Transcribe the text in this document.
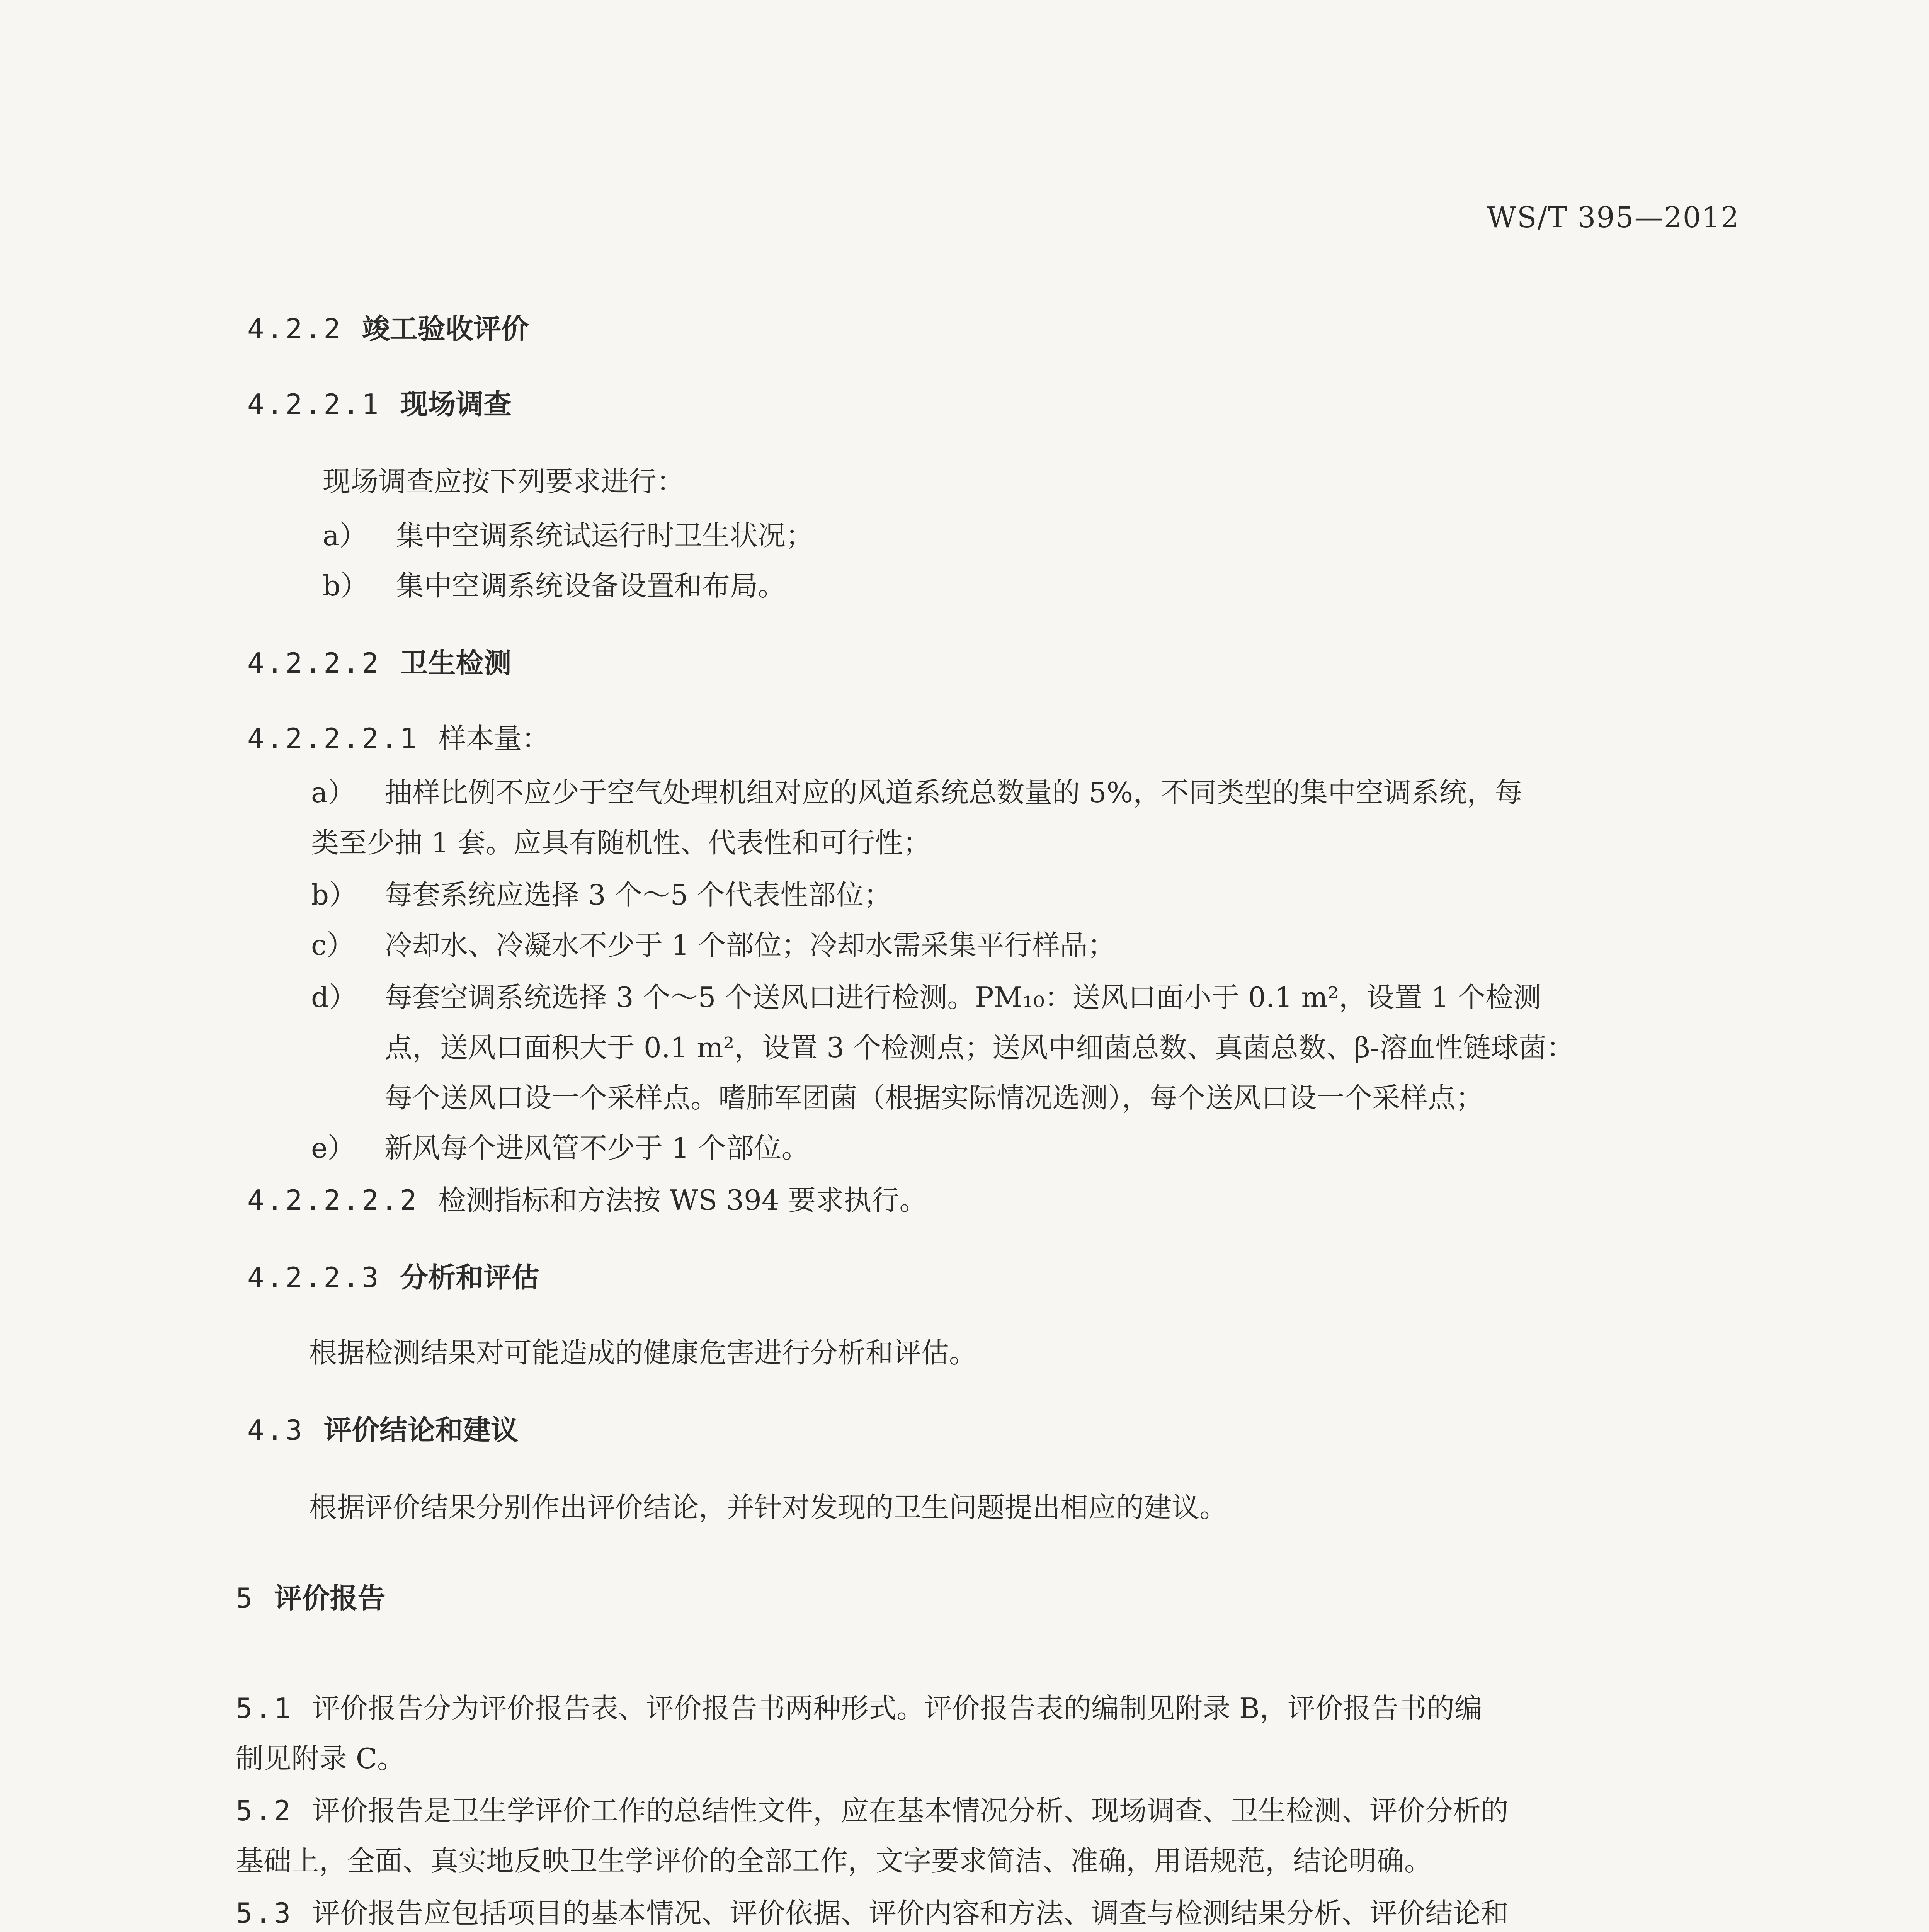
WS/T 395—2012
4.2.2 竣工验收评价
4.2.2.1 现场调查
现场调查应按下列要求进行：
a） 集中空调系统试运行时卫生状况；
b） 集中空调系统设备设置和布局。
4.2.2.2 卫生检测
4.2.2.2.1 样本量：
a） 抽样比例不应少于空气处理机组对应的风道系统总数量的 5%，不同类型的集中空调系统，每
类至少抽 1 套。应具有随机性、代表性和可行性；
b） 每套系统应选择 3 个～5 个代表性部位；
c） 冷却水、冷凝水不少于 1 个部位；冷却水需采集平行样品；
d） 每套空调系统选择 3 个～5 个送风口进行检测。PM₁₀：送风口面小于 0.1 m²，设置 1 个检测
点，送风口面积大于 0.1 m²，设置 3 个检测点；送风中细菌总数、真菌总数、β-溶血性链球菌：
每个送风口设一个采样点。嗜肺军团菌（根据实际情况选测），每个送风口设一个采样点；
e） 新风每个进风管不少于 1 个部位。
4.2.2.2.2 检测指标和方法按 WS 394 要求执行。
4.2.2.3 分析和评估
根据检测结果对可能造成的健康危害进行分析和评估。
4.3 评价结论和建议
根据评价结果分别作出评价结论，并针对发现的卫生问题提出相应的建议。
5 评价报告
5.1 评价报告分为评价报告表、评价报告书两种形式。评价报告表的编制见附录 B，评价报告书的编
制见附录 C。
5.2 评价报告是卫生学评价工作的总结性文件，应在基本情况分析、现场调查、卫生检测、评价分析的
基础上，全面、真实地反映卫生学评价的全部工作，文字要求简洁、准确，用语规范，结论明确。
5.3 评价报告应包括项目的基本情况、评价依据、评价内容和方法、调查与检测结果分析、评价结论和
